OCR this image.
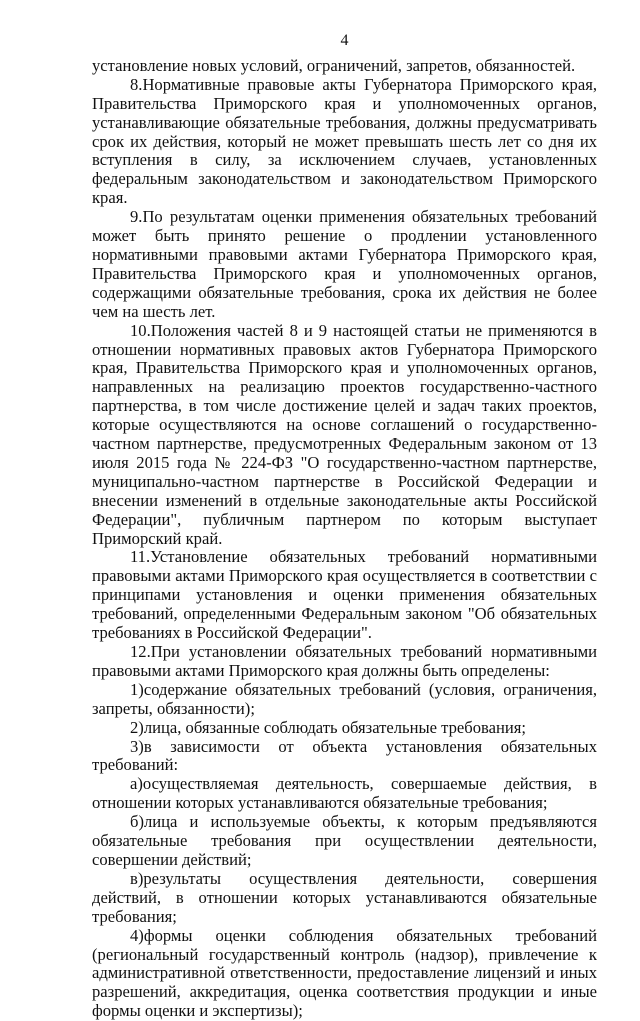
4

установление новых условий, ограничений, запретов, обязанностей.

8.Нормативные правовые акты Губернатора Приморского края, Правительства Приморского края и уполномоченных органов, устанавливающие обязательные требования, должны предусматривать срок их действия, который не может превышать шесть лет со дня их вступления в силу, за исключением случаев, установленных федеральным законодательством и законодательством Приморского края.

9.По результатам оценки применения обязательных требований может быть принято решение о продлении установленного нормативными правовыми актами Губернатора Приморского края, Правительства Приморского края и уполномоченных органов, содержащими обязательные требования, срока их действия не более чем на шесть лет.

10.Положения частей 8 и 9 настоящей статьи не применяются в отношении нормативных правовых актов Губернатора Приморского края, Правительства Приморского края и уполномоченных органов, направленных на реализацию проектов государственно-частного партнерства, в том числе достижение целей и задач таких проектов, которые осуществляются на основе соглашений о государственно-частном партнерстве, предусмотренных Федеральным законом от 13 июля 2015 года № 224-ФЗ "О государственно-частном партнерстве, муниципально-частном партнерстве в Российской Федерации и внесении изменений в отдельные законодательные акты Российской Федерации", публичным партнером по которым выступает Приморский край.

11.Установление обязательных требований нормативными правовыми актами Приморского края осуществляется в соответствии с принципами установления и оценки применения обязательных требований, определенными Федеральным законом "Об обязательных требованиях в Российской Федерации".

12.При установлении обязательных требований нормативными правовыми актами Приморского края должны быть определены:

1)содержание обязательных требований (условия, ограничения, запреты, обязанности);

2)лица, обязанные соблюдать обязательные требования;

3)в зависимости от объекта установления обязательных требований:

а)осуществляемая деятельность, совершаемые действия, в отношении которых устанавливаются обязательные требования;

б)лица и используемые объекты, к которым предъявляются обязательные требования при осуществлении деятельности, совершении действий;

в)результаты осуществления деятельности, совершения действий, в отношении которых устанавливаются обязательные требования;

4)формы оценки соблюдения обязательных требований (региональный государственный контроль (надзор), привлечение к административной ответственности, предоставление лицензий и иных разрешений, аккредитация, оценка соответствия продукции и иные формы оценки и экспертизы);
